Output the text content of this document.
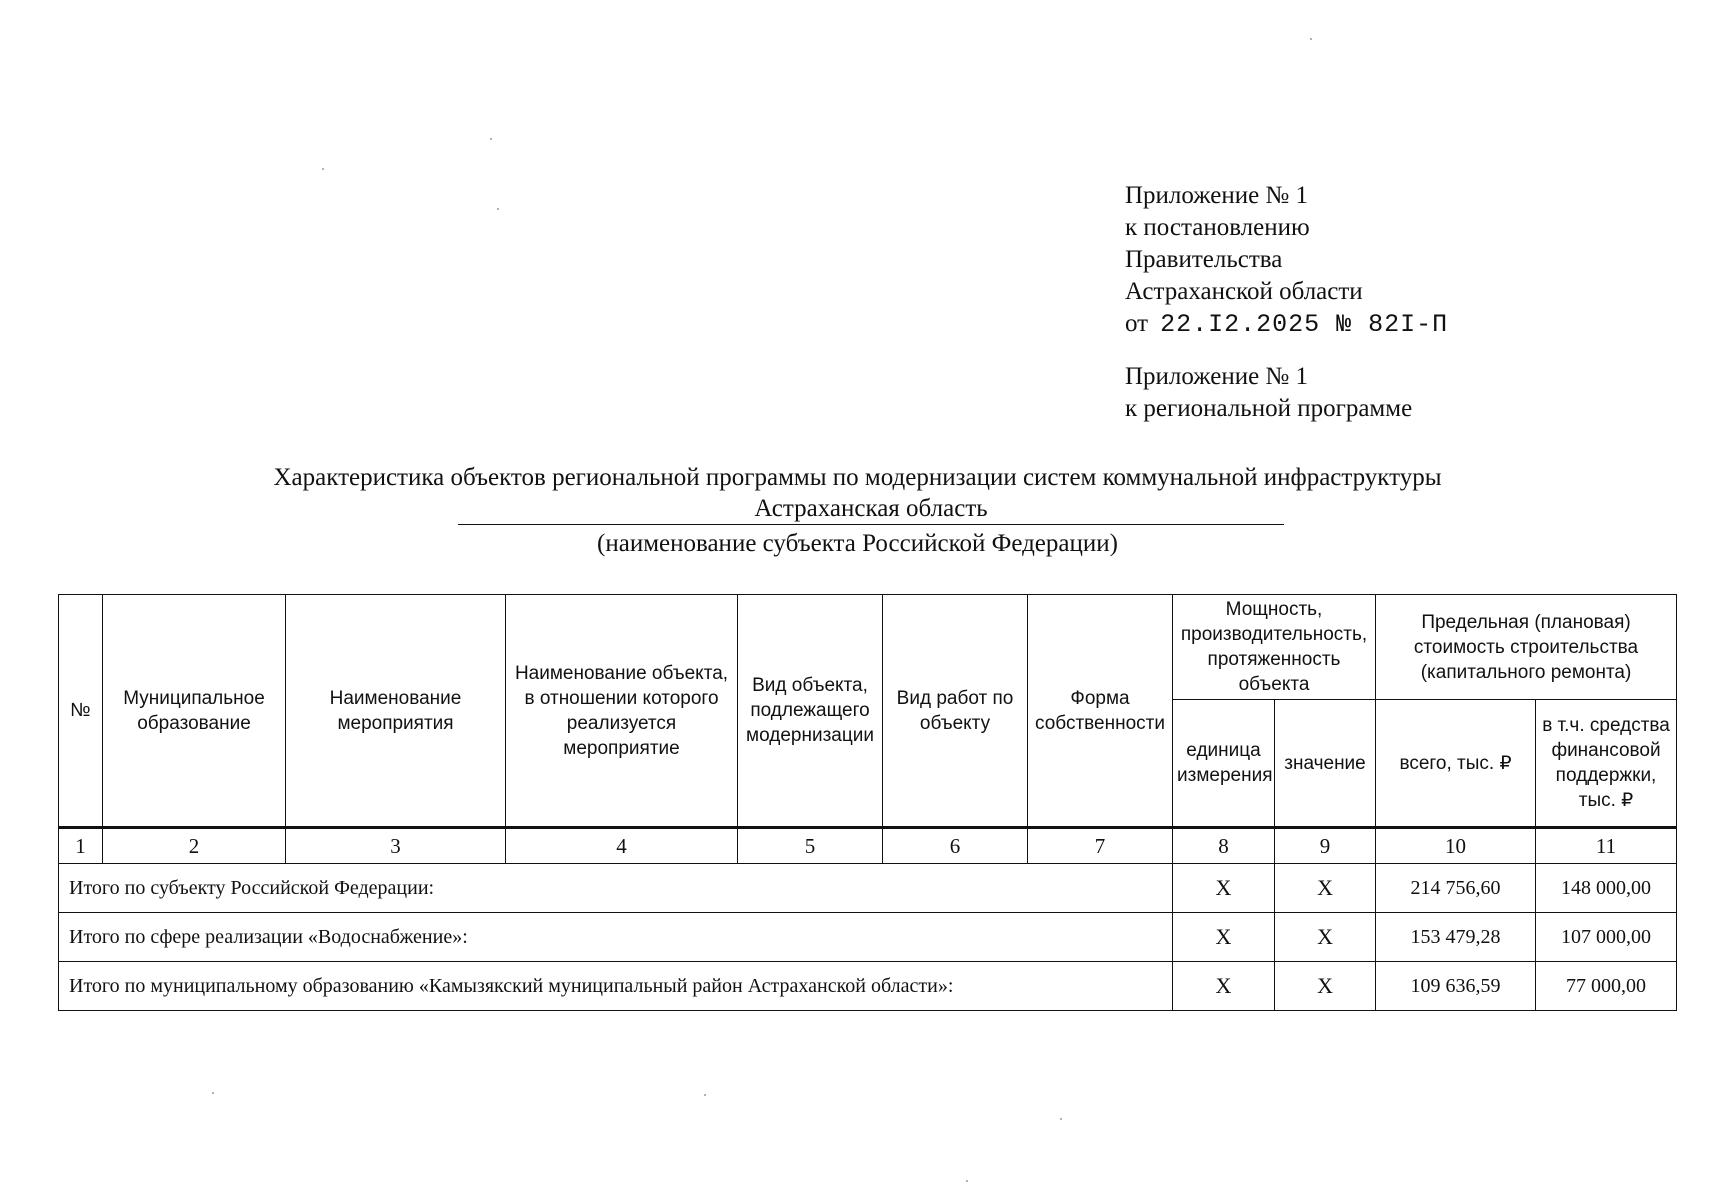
Приложение № 1
к постановлению
Правительства
Астраханской области
от 22.I2.2025 № 82I-П
Приложение № 1
к региональной программе
Характеристика объектов региональной программы по модернизации систем коммунальной инфраструктуры
Астраханская область
(наименование субъекта Российской Федерации)
№	Муниципальное образование	Наименование мероприятия	Наименование объекта, в отношении которого реализуется мероприятие	Вид объекта, подлежащего модернизации	Вид работ по объекту	Форма собственности	Мощность, производительность, протяженность объекта		Предельная (плановая) стоимость строительства (капитального ремонта)	
							единица измерения	значение	всего, тыс. ₽	в т.ч. средства финансовой поддержки, тыс. ₽
1	2	3	4	5	6	7	8	9	10	11
Итого по субъекту Российской Федерации:							X	X	214 756,60	148 000,00
Итого по сфере реализации «Водоснабжение»:							X	X	153 479,28	107 000,00
Итого по муниципальному образованию «Камызякский муниципальный район Астраханской области»:							X	X	109 636,59	77 000,00
